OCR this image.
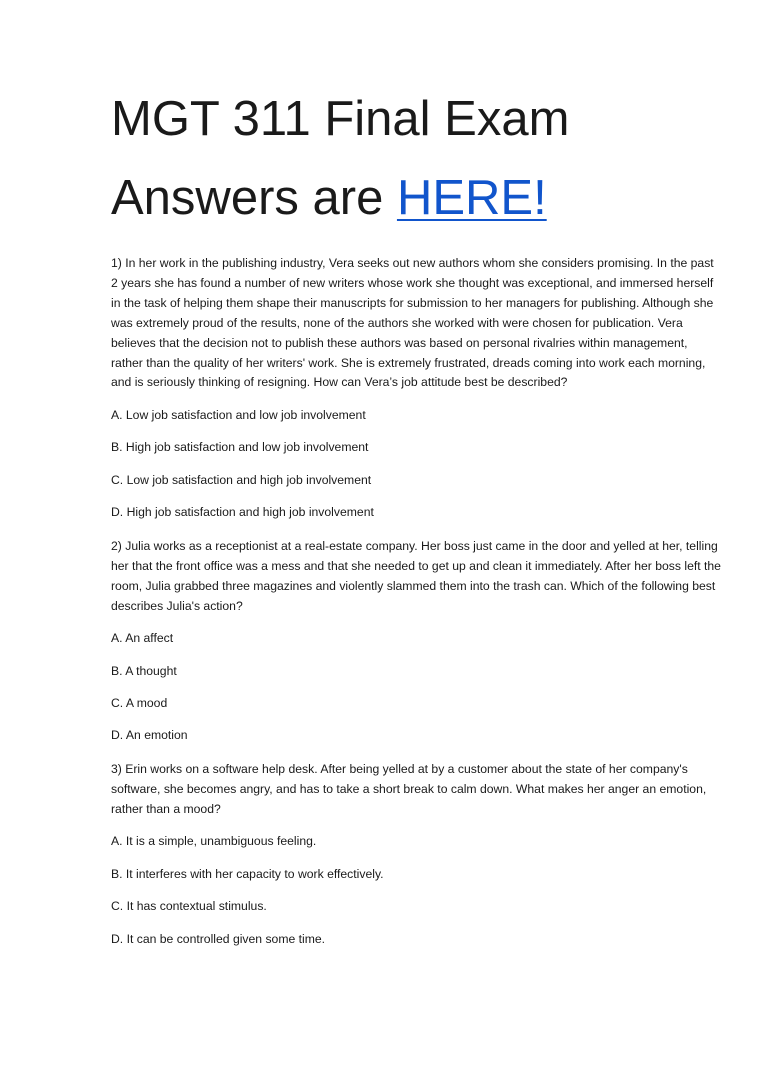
MGT 311 Final Exam
Answers are HERE!

1) In her work in the publishing industry, Vera seeks out new authors whom she considers promising. In the past 2 years she has found a number of new writers whose work she thought was exceptional, and immersed herself in the task of helping them shape their manuscripts for submission to her managers for publishing. Although she was extremely proud of the results, none of the authors she worked with were chosen for publication. Vera believes that the decision not to publish these authors was based on personal rivalries within management, rather than the quality of her writers' work. She is extremely frustrated, dreads coming into work each morning, and is seriously thinking of resigning. How can Vera’s job attitude best be described?

A. Low job satisfaction and low job involvement

B. High job satisfaction and low job involvement

C. Low job satisfaction and high job involvement

D. High job satisfaction and high job involvement

2) Julia works as a receptionist at a real-estate company. Her boss just came in the door and yelled at her, telling her that the front office was a mess and that she needed to get up and clean it immediately. After her boss left the room, Julia grabbed three magazines and violently slammed them into the trash can. Which of the following best describes Julia's action?

A. An affect

B. A thought

C. A mood

D. An emotion

3) Erin works on a software help desk. After being yelled at by a customer about the state of her company's software, she becomes angry, and has to take a short break to calm down. What makes her anger an emotion, rather than a mood?

A. It is a simple, unambiguous feeling.

B. It interferes with her capacity to work effectively.

C. It has contextual stimulus.

D. It can be controlled given some time.
